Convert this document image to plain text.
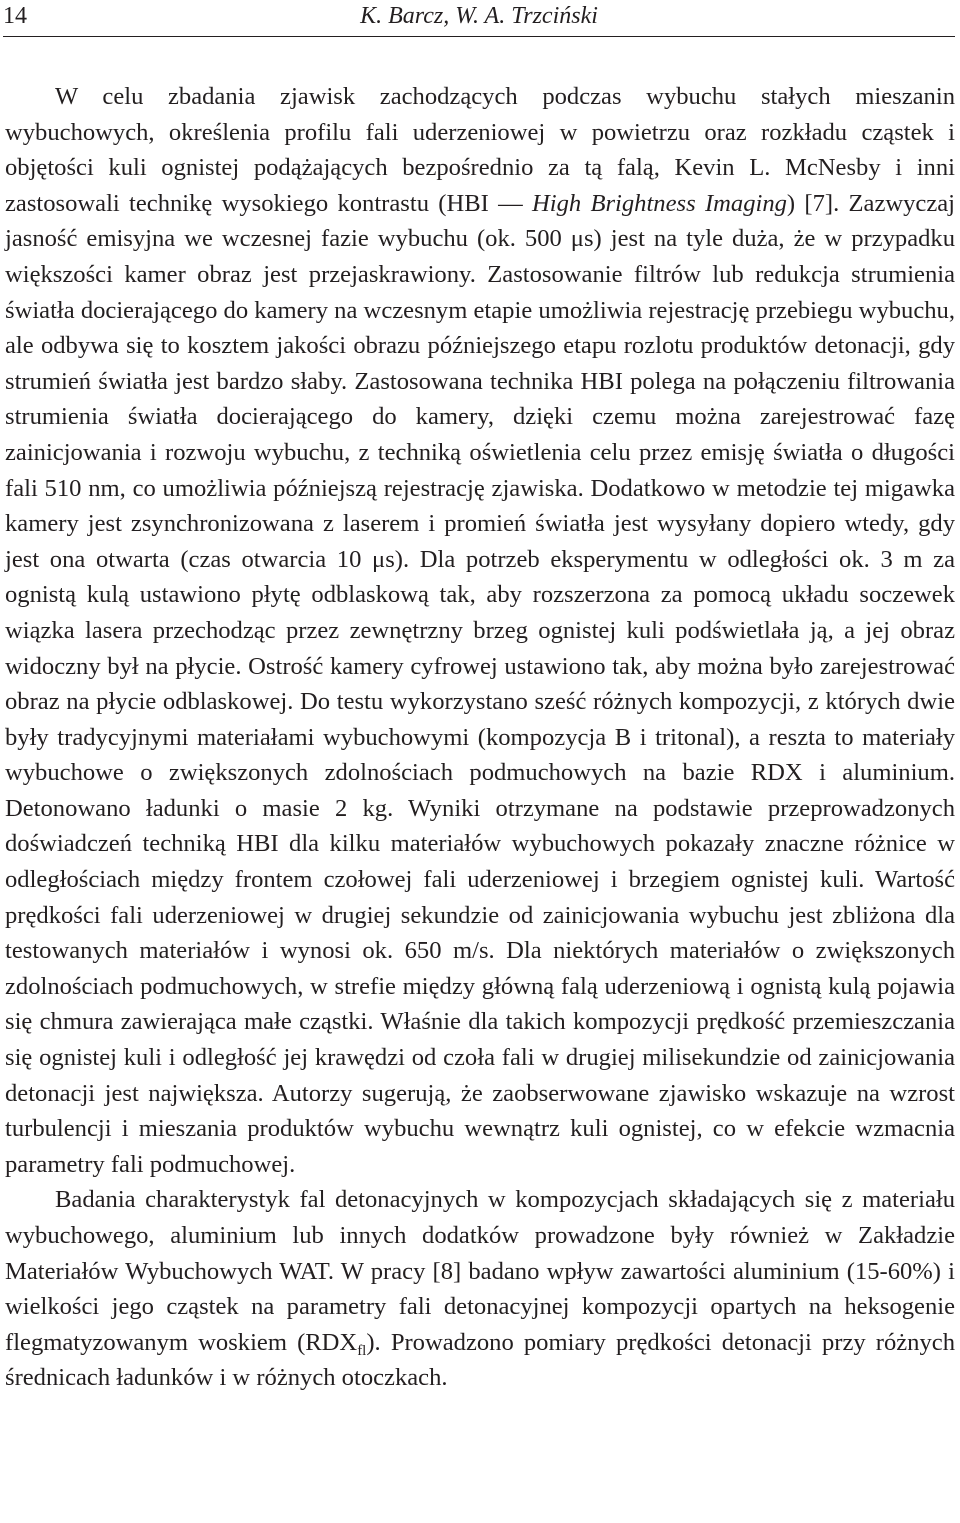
14	K. Barcz, W. A. Trzciński

W celu zbadania zjawisk zachodzących podczas wybuchu stałych mieszanin wybuchowych, określenia profilu fali uderzeniowej w powietrzu oraz rozkładu cząstek i objętości kuli ognistej podążających bezpośrednio za tą falą, Kevin L. McNesby i inni zastosowali technikę wysokiego kontrastu (HBI — High Brightness Imaging) [7]. Zazwyczaj jasność emisyjna we wczesnej fazie wybuchu (ok. 500 μs) jest na tyle duża, że w przypadku większości kamer obraz jest przejaskrawiony. Zastosowanie filtrów lub redukcja strumienia światła docierającego do kamery na wczesnym etapie umożliwia rejestrację przebiegu wybuchu, ale odbywa się to kosztem jakości obrazu późniejszego etapu rozlotu produktów detonacji, gdy strumień światła jest bardzo słaby. Zastosowana technika HBI polega na połączeniu filtrowania strumienia światła docierającego do kamery, dzięki czemu można zarejestrować fazę zainicjowania i rozwoju wybuchu, z techniką oświetlenia celu przez emisję światła o długości fali 510 nm, co umożliwia późniejszą rejestrację zjawiska. Dodatkowo w metodzie tej migawka kamery jest zsynchronizowana z laserem i promień światła jest wysyłany dopiero wtedy, gdy jest ona otwarta (czas otwarcia 10 μs). Dla potrzeb eksperymentu w odległości ok. 3 m za ognistą kulą ustawiono płytę odblaskową tak, aby rozszerzona za pomocą układu soczewek wiązka lasera przechodząc przez zewnętrzny brzeg ognistej kuli podświetlała ją, a jej obraz widoczny był na płycie. Ostrość kamery cyfrowej ustawiono tak, aby można było zarejestrować obraz na płycie odblaskowej. Do testu wykorzystano sześć różnych kompozycji, z których dwie były tradycyjnymi materiałami wybuchowymi (kompozycja B i tritonal), a reszta to materiały wybuchowe o zwiększonych zdolnościach podmuchowych na bazie RDX i aluminium. Detonowano ładunki o masie 2 kg. Wyniki otrzymane na podstawie przeprowadzonych doświadczeń techniką HBI dla kilku materiałów wybuchowych pokazały znaczne różnice w odległościach między frontem czołowej fali uderzeniowej i brzegiem ognistej kuli. Wartość prędkości fali uderzeniowej w drugiej sekundzie od zainicjowania wybuchu jest zbliżona dla testowanych materiałów i wynosi ok. 650 m/s. Dla niektórych materiałów o zwiększonych zdolnościach podmuchowych, w strefie między główną falą uderzeniową i ognistą kulą pojawia się chmura zawierająca małe cząstki. Właśnie dla takich kompozycji prędkość przemieszczania się ognistej kuli i odległość jej krawędzi od czoła fali w drugiej milisekundzie od zainicjowania detonacji jest największa. Autorzy sugerują, że zaobserwowane zjawisko wskazuje na wzrost turbulencji i mieszania produktów wybuchu wewnątrz kuli ognistej, co w efekcie wzmacnia parametry fali podmuchowej.

Badania charakterystyk fal detonacyjnych w kompozycjach składających się z materiału wybuchowego, aluminium lub innych dodatków prowadzone były również w Zakładzie Materiałów Wybuchowych WAT. W pracy [8] badano wpływ zawartości aluminium (15-60%) i wielkości jego cząstek na parametry fali detonacyjnej kompozycji opartych na heksogenie flegmatyzowanym woskiem $(RDX_{fl})$. Prowadzono pomiary prędkości detonacji przy różnych średnicach ładunków i w różnych otoczkach.
